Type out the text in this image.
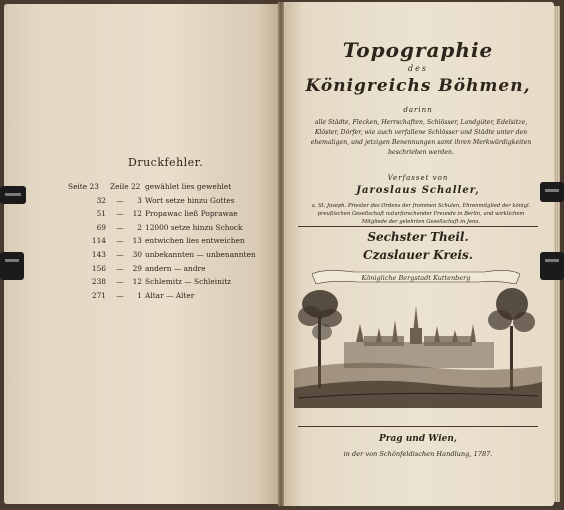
Druckfehler.
Seite 23	Zeile 22 gewählet lies gewehlet
32	—	3 Wort setze hinzu Gottes
51	—	12 Propawac ließ Poprawae
69	—	2 12000 setze hinzu Schock
114	—	13 entwichen lies entweichen
143	—	30 unbekannten — unbenannten
156	—	29 andern — andre
238	—	12 Schlemitz — Schleinitz
271	—	1 Altar — Alter
Topographie
des
Königreichs Böhmen,
darinn
alle Städte, Flecken, Herrschaften, Schlösser, Landgüter, Edelsitze, Klöster, Dörfer, wie auch verfallene Schlösser und Städte unter den ehemaligen, und jetzigen Benennungen samt ihren Merkwürdigkeiten beschrieben werden.
Verfasset von
Jaroslaus Schaller,
a. St. Joseph. Priester des Ordens der frommen Schulen, Ehrenmitglied der königl. preußischen Gesellschaft naturforschender Freunde in Berlin, und wirklichem Mitgliede der gelehrten Gesellschaft in Jena.
Sechster Theil.
Czaslauer Kreis.
Königliche Bergstadt Kuttenberg
Prag und Wien,
in der von Schönfeldischen Handlung, 1787.
